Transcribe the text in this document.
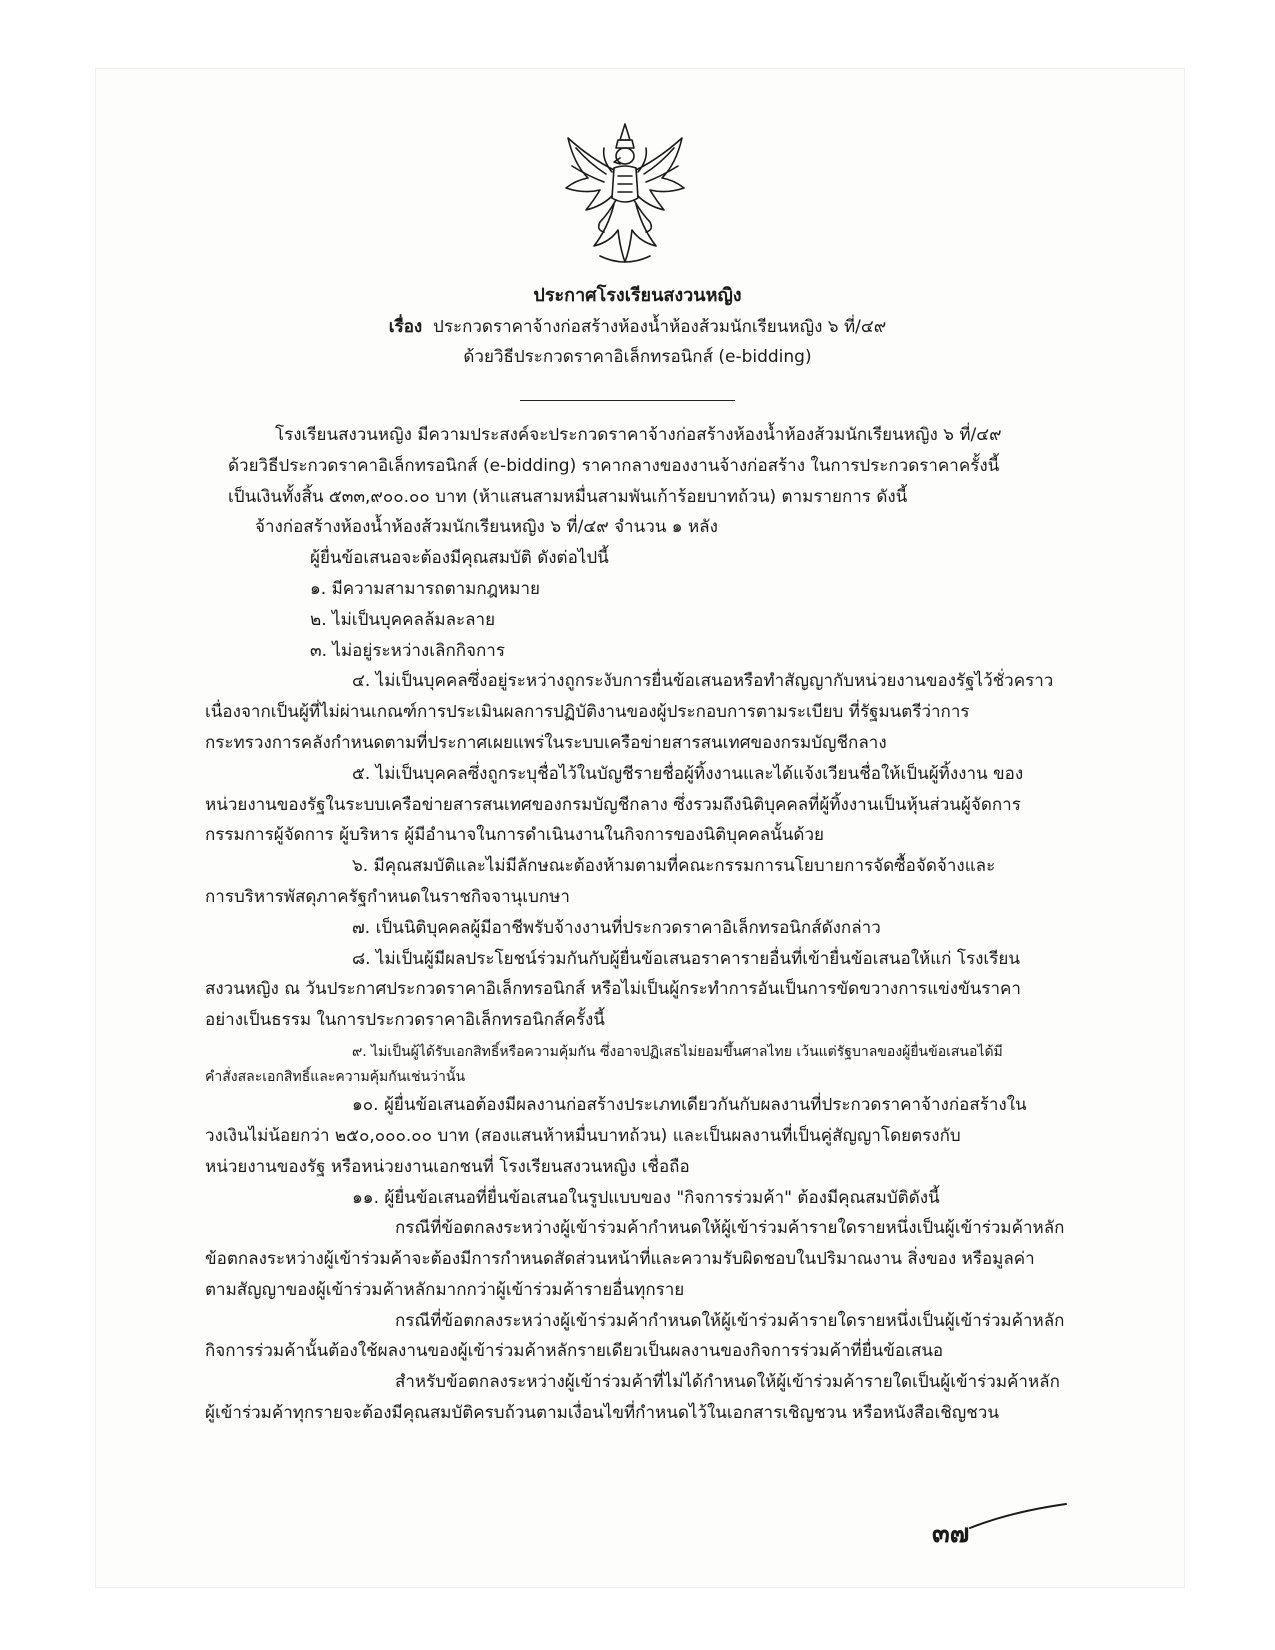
ประกาศโรงเรียนสงวนหญิง
เรื่อง ประกวดราคาจ้างก่อสร้างห้องน้ำห้องส้วมนักเรียนหญิง ๖ ที่/๔๙
ด้วยวิธีประกวดราคาอิเล็กทรอนิกส์ (e-bidding)
โรงเรียนสงวนหญิง มีความประสงค์จะประกวดราคาจ้างก่อสร้างห้องน้ำห้องส้วมนักเรียนหญิง ๖ ที่/๔๙
ด้วยวิธีประกวดราคาอิเล็กทรอนิกส์ (e-bidding) ราคากลางของงานจ้างก่อสร้าง ในการประกวดราคาครั้งนี้
เป็นเงินทั้งสิ้น ๕๓๓,๙๐๐.๐๐ บาท (ห้าแสนสามหมื่นสามพันเก้าร้อยบาทถ้วน) ตามรายการ ดังนี้
จ้างก่อสร้างห้องน้ำห้องส้วมนักเรียนหญิง ๖ ที่/๔๙ จำนวน ๑ หลัง
ผู้ยื่นข้อเสนอจะต้องมีคุณสมบัติ ดังต่อไปนี้
๑. มีความสามารถตามกฎหมาย
๒. ไม่เป็นบุคคลล้มละลาย
๓. ไม่อยู่ระหว่างเลิกกิจการ
๔. ไม่เป็นบุคคลซึ่งอยู่ระหว่างถูกระงับการยื่นข้อเสนอหรือทำสัญญากับหน่วยงานของรัฐไว้ชั่วคราว
เนื่องจากเป็นผู้ที่ไม่ผ่านเกณฑ์การประเมินผลการปฏิบัติงานของผู้ประกอบการตามระเบียบ ที่รัฐมนตรีว่าการ
กระทรวงการคลังกำหนดตามที่ประกาศเผยแพร่ในระบบเครือข่ายสารสนเทศของกรมบัญชีกลาง
๕. ไม่เป็นบุคคลซึ่งถูกระบุชื่อไว้ในบัญชีรายชื่อผู้ทิ้งงานและได้แจ้งเวียนชื่อให้เป็นผู้ทิ้งงาน ของ
หน่วยงานของรัฐในระบบเครือข่ายสารสนเทศของกรมบัญชีกลาง ซึ่งรวมถึงนิติบุคคลที่ผู้ทิ้งงานเป็นหุ้นส่วนผู้จัดการ
กรรมการผู้จัดการ ผู้บริหาร ผู้มีอำนาจในการดำเนินงานในกิจการของนิติบุคคลนั้นด้วย
๖. มีคุณสมบัติและไม่มีลักษณะต้องห้ามตามที่คณะกรรมการนโยบายการจัดซื้อจัดจ้างและ
การบริหารพัสดุภาครัฐกำหนดในราชกิจจานุเบกษา
๗. เป็นนิติบุคคลผู้มีอาชีพรับจ้างงานที่ประกวดราคาอิเล็กทรอนิกส์ดังกล่าว
๘. ไม่เป็นผู้มีผลประโยชน์ร่วมกันกับผู้ยื่นข้อเสนอราคารายอื่นที่เข้ายื่นข้อเสนอให้แก่ โรงเรียน
สงวนหญิง ณ วันประกาศประกวดราคาอิเล็กทรอนิกส์ หรือไม่เป็นผู้กระทำการอันเป็นการขัดขวางการแข่งขันราคา
อย่างเป็นธรรม ในการประกวดราคาอิเล็กทรอนิกส์ครั้งนี้
๙. ไม่เป็นผู้ได้รับเอกสิทธิ์หรือความคุ้มกัน ซึ่งอาจปฏิเสธไม่ยอมขึ้นศาลไทย เว้นแต่รัฐบาลของผู้ยื่นข้อเสนอได้มี
คำสั่งสละเอกสิทธิ์และความคุ้มกันเช่นว่านั้น
๑๐. ผู้ยื่นข้อเสนอต้องมีผลงานก่อสร้างประเภทเดียวกันกับผลงานที่ประกวดราคาจ้างก่อสร้างใน
วงเงินไม่น้อยกว่า ๒๕๐,๐๐๐.๐๐ บาท (สองแสนห้าหมื่นบาทถ้วน) และเป็นผลงานที่เป็นคู่สัญญาโดยตรงกับ
หน่วยงานของรัฐ หรือหน่วยงานเอกชนที่ โรงเรียนสงวนหญิง เชื่อถือ
๑๑. ผู้ยื่นข้อเสนอที่ยื่นข้อเสนอในรูปแบบของ "กิจการร่วมค้า" ต้องมีคุณสมบัติดังนี้
กรณีที่ข้อตกลงระหว่างผู้เข้าร่วมค้ากำหนดให้ผู้เข้าร่วมค้ารายใดรายหนึ่งเป็นผู้เข้าร่วมค้าหลัก
ข้อตกลงระหว่างผู้เข้าร่วมค้าจะต้องมีการกำหนดสัดส่วนหน้าที่และความรับผิดชอบในปริมาณงาน สิ่งของ หรือมูลค่า
ตามสัญญาของผู้เข้าร่วมค้าหลักมากกว่าผู้เข้าร่วมค้ารายอื่นทุกราย
กรณีที่ข้อตกลงระหว่างผู้เข้าร่วมค้ากำหนดให้ผู้เข้าร่วมค้ารายใดรายหนึ่งเป็นผู้เข้าร่วมค้าหลัก
กิจการร่วมค้านั้นต้องใช้ผลงานของผู้เข้าร่วมค้าหลักรายเดียวเป็นผลงานของกิจการร่วมค้าที่ยื่นข้อเสนอ
สำหรับข้อตกลงระหว่างผู้เข้าร่วมค้าที่ไม่ได้กำหนดให้ผู้เข้าร่วมค้ารายใดเป็นผู้เข้าร่วมค้าหลัก
ผู้เข้าร่วมค้าทุกรายจะต้องมีคุณสมบัติครบถ้วนตามเงื่อนไขที่กำหนดไว้ในเอกสารเชิญชวน หรือหนังสือเชิญชวน
๓๗
